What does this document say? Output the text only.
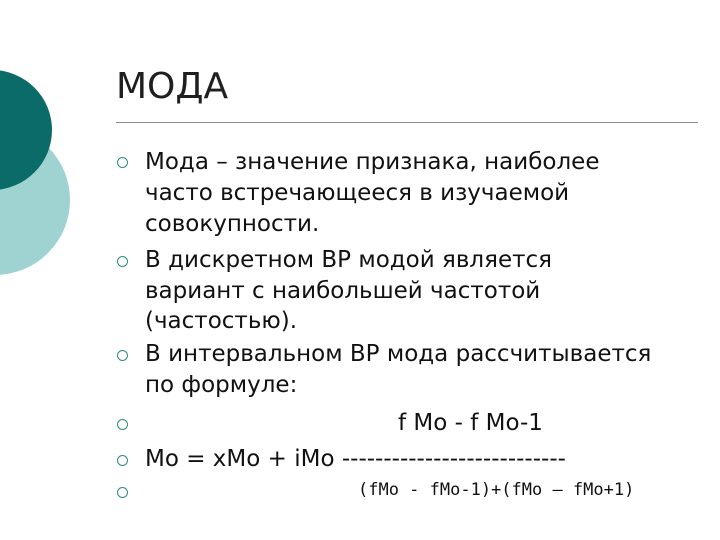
МОДА
Мода – значение признака, наиболее
часто встречающееся в изучаемой
совокупности.
В дискретном ВР модой является
вариант с наибольшей частотой
(частостью).
В интервальном ВР мода рассчитывается
по формуле:
f Mo - f Mo-1
Mo = xMo + iMo ---------------------------
(fMo - fMo-1)+(fMo – fMo+1)
